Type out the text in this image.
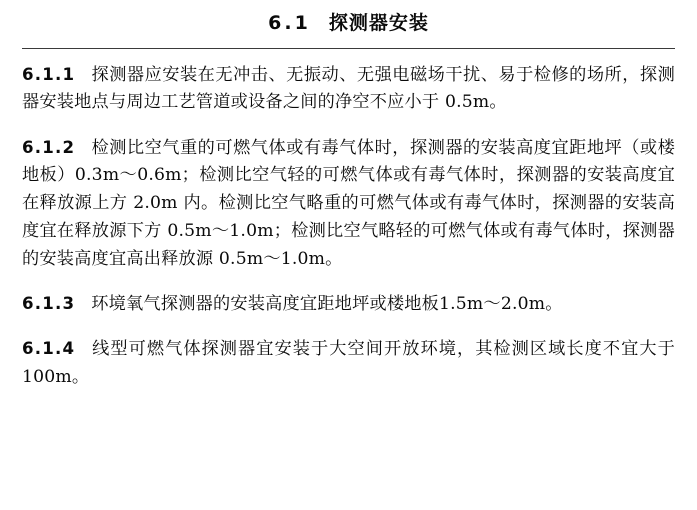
6.1 探测器安装

6.1.1 探测器应安装在无冲击、无振动、无强电磁场干扰、易于检修的场所，探测器安装地点与周边工艺管道或设备之间的净空不应小于 0.5m。

6.1.2 检测比空气重的可燃气体或有毒气体时，探测器的安装高度宜距地坪（或楼地板）0.3m～0.6m；检测比空气轻的可燃气体或有毒气体时，探测器的安装高度宜在释放源上方 2.0m 内。检测比空气略重的可燃气体或有毒气体时，探测器的安装高度宜在释放源下方 0.5m～1.0m；检测比空气略轻的可燃气体或有毒气体时，探测器的安装高度宜高出释放源 0.5m～1.0m。

6.1.3 环境氧气探测器的安装高度宜距地坪或楼地板1.5m～2.0m。

6.1.4 线型可燃气体探测器宜安装于大空间开放环境，其检测区域长度不宜大于 100m。
